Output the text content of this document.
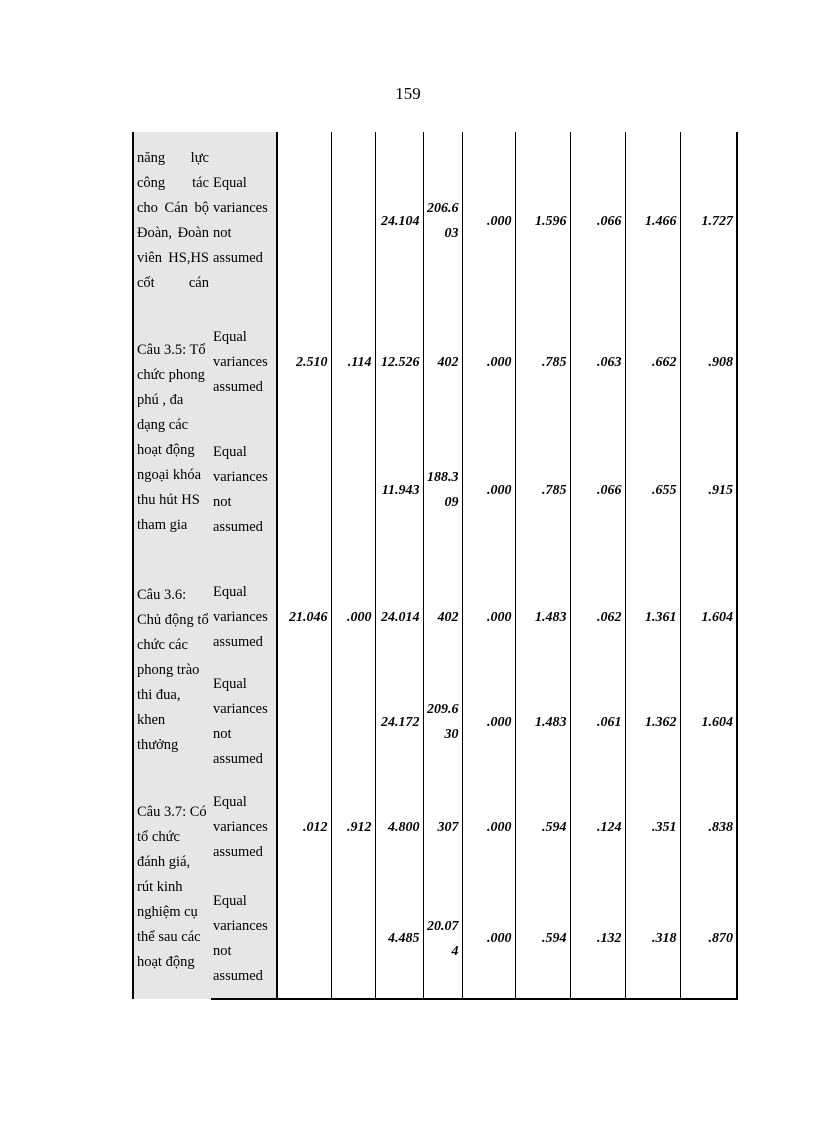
159
năng lực công tác cho Cán bộ Đoàn, Đoàn viên HS,HS cốt cán	Equal variances not assumed			24.104	206.603	.000	1.596	.066	1.466	1.727
Câu 3.5: Tổ chức phong phú , đa dạng các hoạt động ngoại khóa thu hút HS tham gia	Equal variances assumed	2.510	.114	12.526	402	.000	.785	.063	.662	.908
	Equal variances not assumed			11.943	188.309	.000	.785	.066	.655	.915
Câu 3.6: Chủ động tổ chức các phong trào thi đua, khen thưởng	Equal variances assumed	21.046	.000	24.014	402	.000	1.483	.062	1.361	1.604
	Equal variances not assumed			24.172	209.630	.000	1.483	.061	1.362	1.604
Câu 3.7: Có tổ chức đánh giá, rút kinh nghiệm cụ thể sau các hoạt động	Equal variances assumed	.012	.912	4.800	307	.000	.594	.124	.351	.838
	Equal variances not assumed			4.485	20.074	.000	.594	.132	.318	.870
